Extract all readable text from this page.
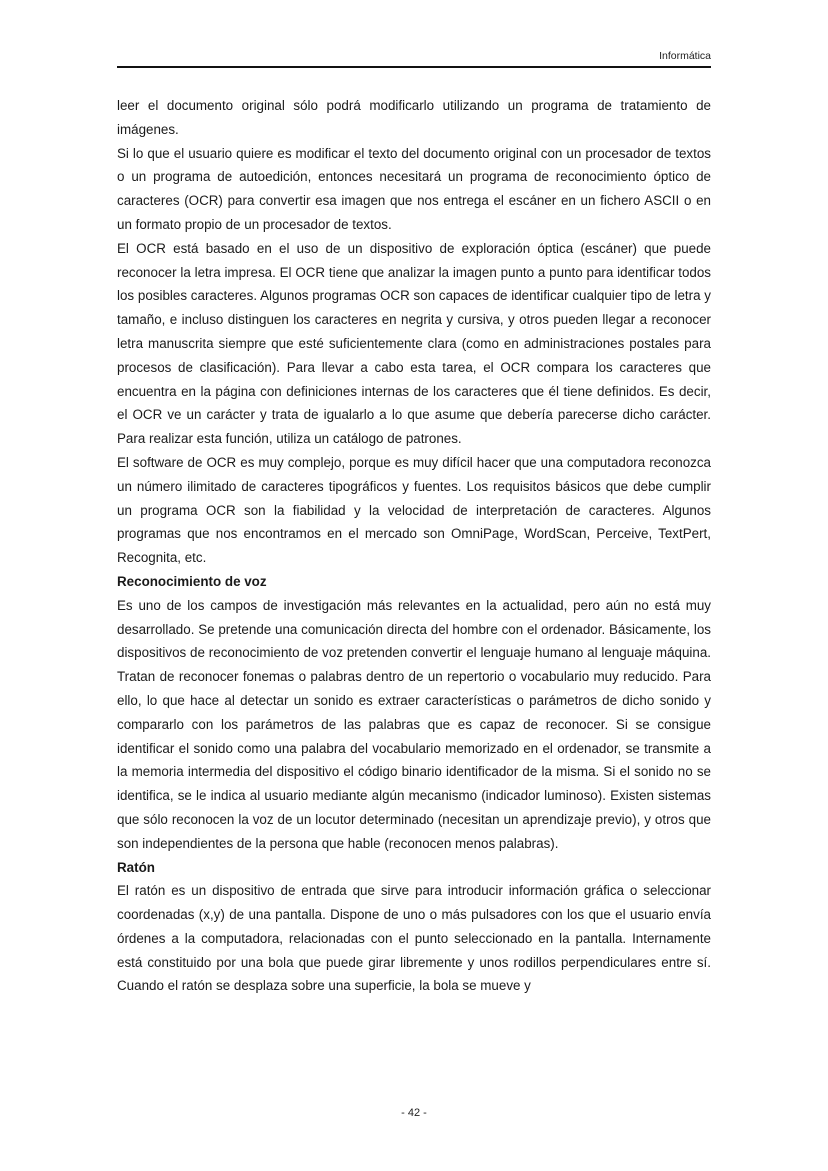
Informática

leer el documento original sólo podrá modificarlo utilizando un programa de tratamiento de imágenes.

Si lo que el usuario quiere es modificar el texto del documento original con un procesador de textos o un programa de autoedición, entonces necesitará un programa de reconocimiento óptico de caracteres (OCR) para convertir esa imagen que nos entrega el escáner en un fichero ASCII o en un formato propio de un procesador de textos.

El OCR está basado en el uso de un dispositivo de exploración óptica (escáner) que puede reconocer la letra impresa. El OCR tiene que analizar la imagen punto a punto para identificar todos los posibles caracteres. Algunos programas OCR son capaces de identificar cualquier tipo de letra y tamaño, e incluso distinguen los caracteres en negrita y cursiva, y otros pueden llegar a reconocer letra manuscrita siempre que esté suficientemente clara (como en administraciones postales para procesos de clasificación). Para llevar a cabo esta tarea, el OCR compara los caracteres que encuentra en la página con definiciones internas de los caracteres que él tiene definidos. Es decir, el OCR ve un carácter y trata de igualarlo a lo que asume que debería parecerse dicho carácter. Para realizar esta función, utiliza un catálogo de patrones.

El software de OCR es muy complejo, porque es muy difícil hacer que una computadora reconozca un número ilimitado de caracteres tipográficos y fuentes. Los requisitos básicos que debe cumplir un programa OCR son la fiabilidad y la velocidad de interpretación de caracteres. Algunos programas que nos encontramos en el mercado son OmniPage, WordScan, Perceive, TextPert, Recognita, etc.

Reconocimiento de voz

Es uno de los campos de investigación más relevantes en la actualidad, pero aún no está muy desarrollado. Se pretende una comunicación directa del hombre con el ordenador. Básicamente, los dispositivos de reconocimiento de voz pretenden convertir el lenguaje humano al lenguaje máquina. Tratan de reconocer fonemas o palabras dentro de un repertorio o vocabulario muy reducido. Para ello, lo que hace al detectar un sonido es extraer características o parámetros de dicho sonido y compararlo con los parámetros de las palabras que es capaz de reconocer. Si se consigue identificar el sonido como una palabra del vocabulario memorizado en el ordenador, se transmite a la memoria intermedia del dispositivo el código binario identificador de la misma. Si el sonido no se identifica, se le indica al usuario mediante algún mecanismo (indicador luminoso). Existen sistemas que sólo reconocen la voz de un locutor determinado (necesitan un aprendizaje previo), y otros que son independientes de la persona que hable (reconocen menos palabras).

Ratón

El ratón es un dispositivo de entrada que sirve para introducir información gráfica o seleccionar coordenadas (x,y) de una pantalla. Dispone de uno o más pulsadores con los que el usuario envía órdenes a la computadora, relacionadas con el punto seleccionado en la pantalla. Internamente está constituido por una bola que puede girar libremente y unos rodillos perpendiculares entre sí. Cuando el ratón se desplaza sobre una superficie, la bola se mueve y

- 42 -
